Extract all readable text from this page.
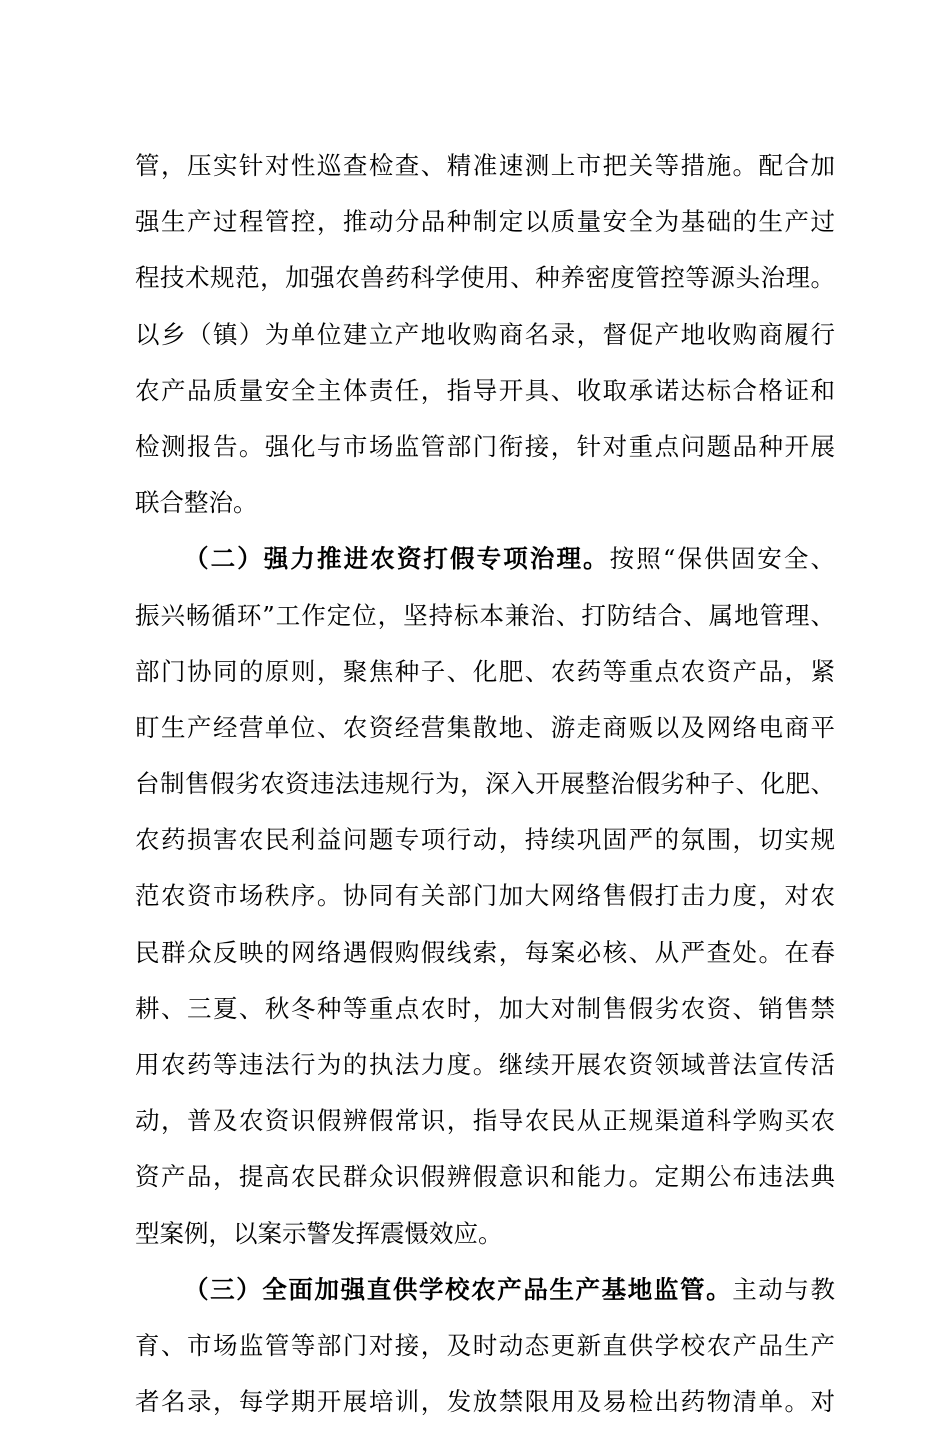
管，压实针对性巡查检查、精准速测上市把关等措施。配合加
强生产过程管控，推动分品种制定以质量安全为基础的生产过
程技术规范，加强农兽药科学使用、种养密度管控等源头治理。
以乡（镇）为单位建立产地收购商名录，督促产地收购商履行
农产品质量安全主体责任，指导开具、收取承诺达标合格证和
检测报告。强化与市场监管部门衔接，针对重点问题品种开展
联合整治。
（二）强力推进农资打假专项治理。按照“保供固安全、
振兴畅循环”工作定位，坚持标本兼治、打防结合、属地管理、
部门协同的原则，聚焦种子、化肥、农药等重点农资产品，紧
盯生产经营单位、农资经营集散地、游走商贩以及网络电商平
台制售假劣农资违法违规行为，深入开展整治假劣种子、化肥、
农药损害农民利益问题专项行动，持续巩固严的氛围，切实规
范农资市场秩序。协同有关部门加大网络售假打击力度，对农
民群众反映的网络遇假购假线索，每案必核、从严查处。在春
耕、三夏、秋冬种等重点农时，加大对制售假劣农资、销售禁
用农药等违法行为的执法力度。继续开展农资领域普法宣传活
动，普及农资识假辨假常识，指导农民从正规渠道科学购买农
资产品，提高农民群众识假辨假意识和能力。定期公布违法典
型案例，以案示警发挥震慑效应。
（三）全面加强直供学校农产品生产基地监管。主动与教
育、市场监管等部门对接，及时动态更新直供学校农产品生产
者名录，每学期开展培训，发放禁限用及易检出药物清单。对
